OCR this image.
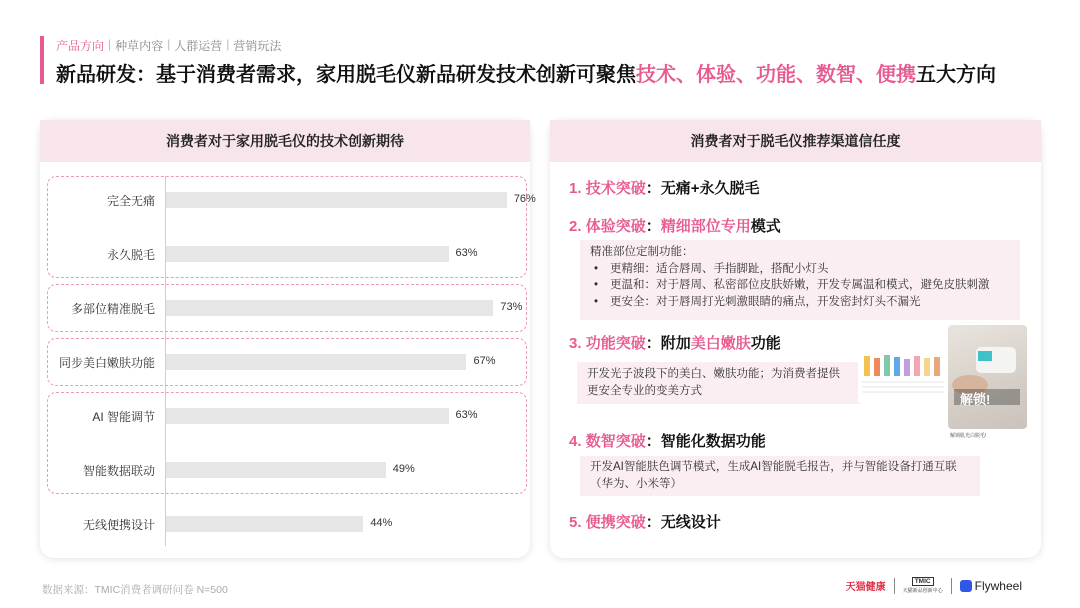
产品方向 | 种草内容 | 人群运营 | 营销玩法
新品研发：基于消费者需求，家用脱毛仪新品研发技术创新可聚焦技术、体验、功能、数智、便携五大方向
消费者对于家用脱毛仪的技术创新期待
完全无痛	76%
永久脱毛	63%
多部位精准脱毛	73%
同步美白嫩肤功能	67%
AI 智能调节	63%
智能数据联动	49%
无线便携设计	44%
消费者对于脱毛仪推荐渠道信任度
1. 技术突破：无痛+永久脱毛
2. 体验突破：精细部位专用模式
精准部位定制功能：
• 更精细：适合唇周、手指脚趾，搭配小灯头
• 更温和：对于唇周、私密部位皮肤娇嫩，开发专属温和模式，避免皮肤刺激
• 更安全：对于唇周打光刺激眼睛的痛点，开发密封灯头不漏光
3. 功能突破：附加美白嫩肤功能
开发光子波段下的美白、嫩肤功能；为消费者提供更安全专业的变美方式
解锁!
解锁肌光白脱毛!
4. 数智突破：智能化数据功能
开发AI智能肤色调节模式，生成AI智能脱毛报告，并与智能设备打通互联（华为、小米等）
5. 便携突破：无线设计
数据来源：TMIC消费者调研问卷 N=500	天猫健康
TMIC
天猫新品创新中心	Flywheel
